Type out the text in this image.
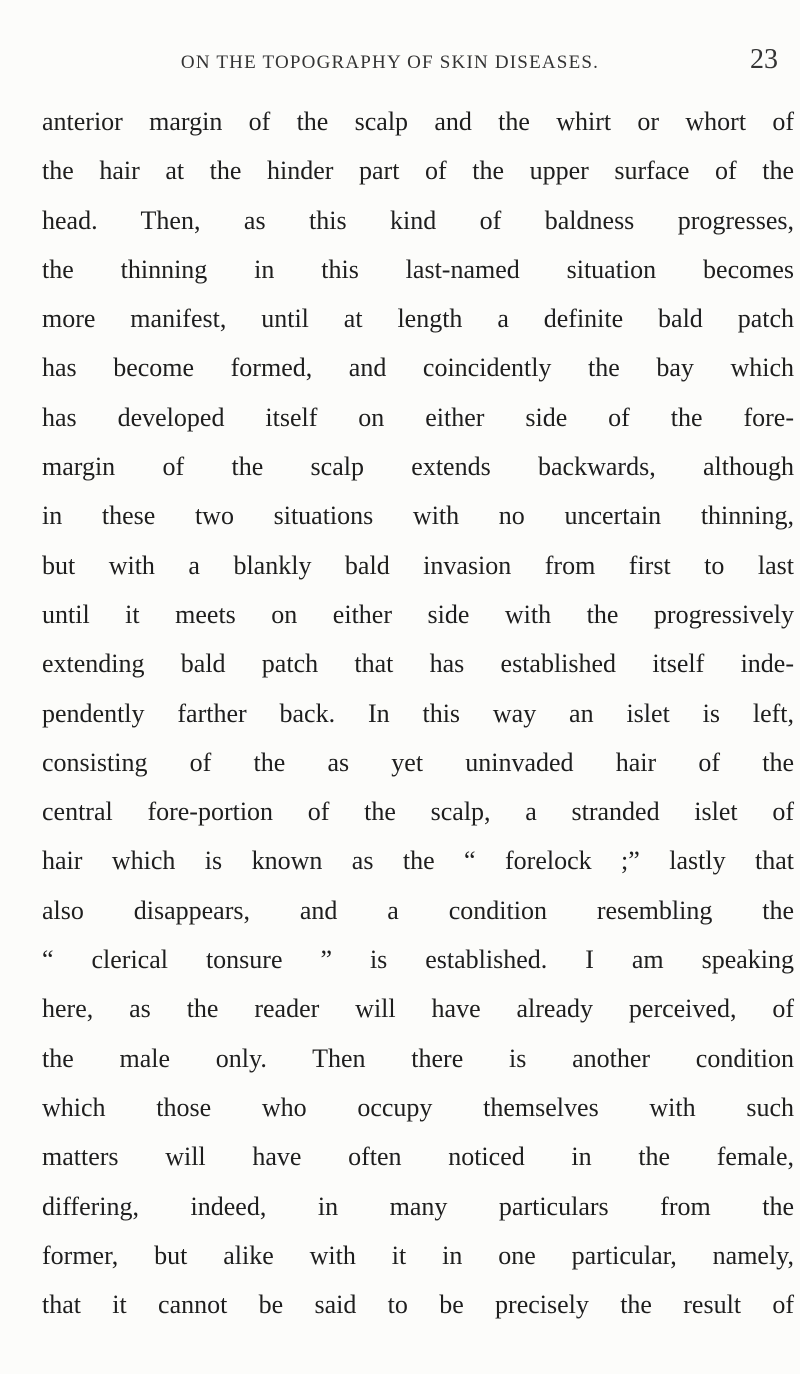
ON THE TOPOGRAPHY OF SKIN DISEASES.	23
anterior margin of the scalp and the whirt or whort of
the hair at the hinder part of the upper surface of the
head. Then, as this kind of baldness progresses,
the thinning in this last-named situation becomes
more manifest, until at length a definite bald patch
has become formed, and coincidently the bay which
has developed itself on either side of the fore-
margin of the scalp extends backwards, although
in these two situations with no uncertain thinning,
but with a blankly bald invasion from first to last
until it meets on either side with the progressively
extending bald patch that has established itself inde-
pendently farther back. In this way an islet is left,
consisting of the as yet uninvaded hair of the
central fore-portion of the scalp, a stranded islet of
hair which is known as the “ forelock ;” lastly that
also disappears, and a condition resembling the
“ clerical tonsure ” is established. I am speaking
here, as the reader will have already perceived, of
the male only. Then there is another condition
which those who occupy themselves with such
matters will have often noticed in the female,
differing, indeed, in many particulars from the
former, but alike with it in one particular, namely,
that it cannot be said to be precisely the result of
